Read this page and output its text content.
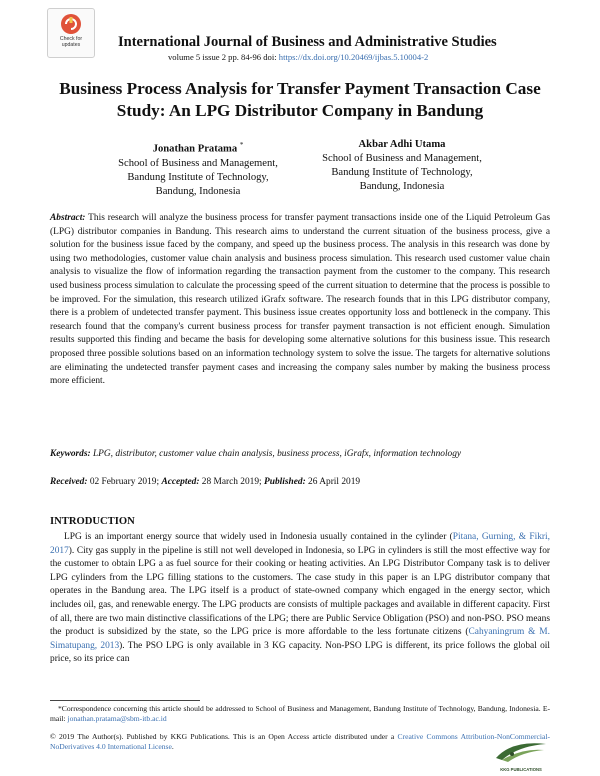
Check for
updates	International Journal of Business and Administrative Studies
volume 5 issue 2 pp. 84-96 doi: https://dx.doi.org/10.20469/ijbas.5.10004-2
Business Process Analysis for Transfer Payment Transaction Case
Study: An LPG Distributor Company in Bandung
Jonathan Pratama *
School of Business and Management,
Bandung Institute of Technology,
Bandung, Indonesia
Akbar Adhi Utama
School of Business and Management,
Bandung Institute of Technology,
Bandung, Indonesia
Abstract: This research will analyze the business process for transfer payment transactions inside one of the Liquid Petroleum Gas (LPG) distributor companies in Bandung. This research aims to understand the current situation of the business process, give a solution for the business issue faced by the company, and speed up the business process. The analysis in this research was done by using two methodologies, customer value chain analysis and business process simulation. This research used customer value chain analysis to visualize the flow of information regarding the transaction payment from the customer to the company. This research used business process simulation to calculate the processing speed of the current situation to determine that the process is possible to be improved. For the simulation, this research utilized iGrafx software. The research founds that in this LPG distributor company, there is a problem of undetected transfer payment. This business issue creates opportunity loss and bottleneck in the company. This research found that the company's current business process for transfer payment transaction is not efficient enough. Simulation results supported this finding and became the basis for developing some alternative solutions for this business issue. This research proposed three possible solutions based on an information technology system to solve the issue. The targets for alternative solutions are eliminating the undetected transfer payment cases and increasing the company sales number by making the business process more efficient.
Keywords: LPG, distributor, customer value chain analysis, business process, iGrafx, information technology
Received: 02 February 2019; Accepted: 28 March 2019; Published: 26 April 2019
INTRODUCTION
LPG is an important energy source that widely used in Indonesia usually contained in the cylinder (Pitana, Gurning, & Fikri, 2017). City gas supply in the pipeline is still not well developed in Indonesia, so LPG in cylinders is still the most effective way for the customer to obtain LPG a as fuel source for their cooking or heating activities. An LPG Distributor Company task is to deliver LPG cylinders from the LPG filling stations to the customers. The case study in this paper is an LPG distributor company that operates in the Bandung area. The LPG itself is a product of state-owned company which engaged in the energy sector, which includes oil, gas, and renewable energy. The LPG products are consists of multiple packages and available in different capacity. First of all, there are two main distinctive classifications of the LPG; there are Public Service Obligation (PSO) and non-PSO. PSO means the product is subsidized by the state, so the LPG price is more affordable to the less fortunate citizens (Cahyaningrum & M. Simatupang, 2013). The PSO LPG is only available in 3 KG capacity. Non-PSO LPG is different, its price follows the global oil price, so its price can
*Correspondence concerning this article should be addressed to School of Business and Management, Bandung Institute of Technology, Bandung, Indonesia. E-mail: jonathan.pratama@sbm-itb.ac.id
© 2019 The Author(s). Published by KKG Publications. This is an Open Access article distributed under a Creative Commons Attribution-NonCommercial-NoDerivatives 4.0 International License.
KKG PUBLICATIONS
